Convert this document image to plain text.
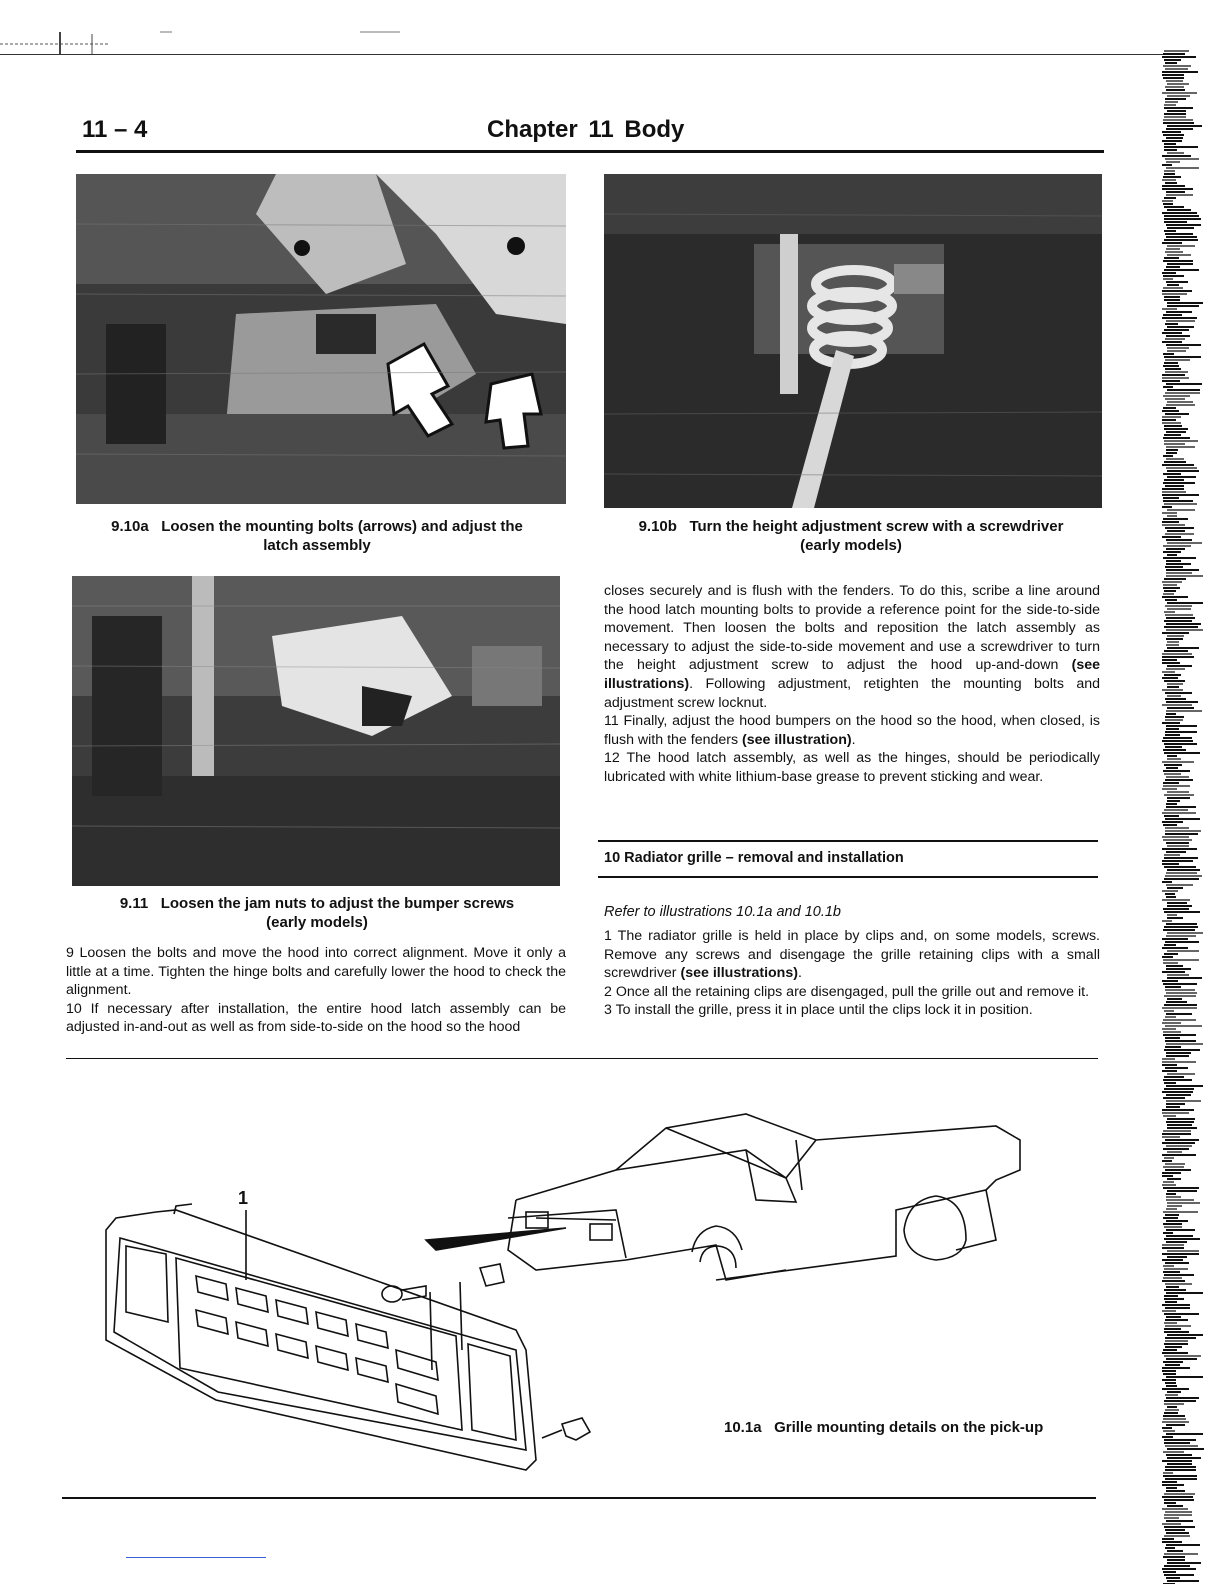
11 – 4	Chapter 11 Body
9.10a Loosen the mounting bolts (arrows) and adjust the
latch assembly
9.10b Turn the height adjustment screw with a screwdriver
(early models)
9.11 Loosen the jam nuts to adjust the bumper screws
(early models)

9 Loosen the bolts and move the hood into correct alignment. Move it only a little at a time. Tighten the hinge bolts and carefully lower the hood to check the alignment.

10 If necessary after installation, the entire hood latch assembly can be adjusted in-and-out as well as from side-to-side on the hood so the hood

closes securely and is flush with the fenders. To do this, scribe a line around the hood latch mounting bolts to provide a reference point for the side-to-side movement. Then loosen the bolts and reposition the latch assembly as necessary to adjust the side-to-side movement and use a screwdriver to turn the height adjustment screw to adjust the hood up-and-down (see illustrations). Following adjustment, retighten the mounting bolts and adjustment screw locknut.

11 Finally, adjust the hood bumpers on the hood so the hood, when closed, is flush with the fenders (see illustration).

12 The hood latch assembly, as well as the hinges, should be periodically lubricated with white lithium-base grease to prevent sticking and wear.

10 Radiator grille – removal and installation
Refer to illustrations 10.1a and 10.1b

1 The radiator grille is held in place by clips and, on some models, screws. Remove any screws and disengage the grille retaining clips with a small screwdriver (see illustrations).

2 Once all the retaining clips are disengaged, pull the grille out and remove it.

3 To install the grille, press it in place until the clips lock it in position.

1
10.1a Grille mounting details on the pick-up
